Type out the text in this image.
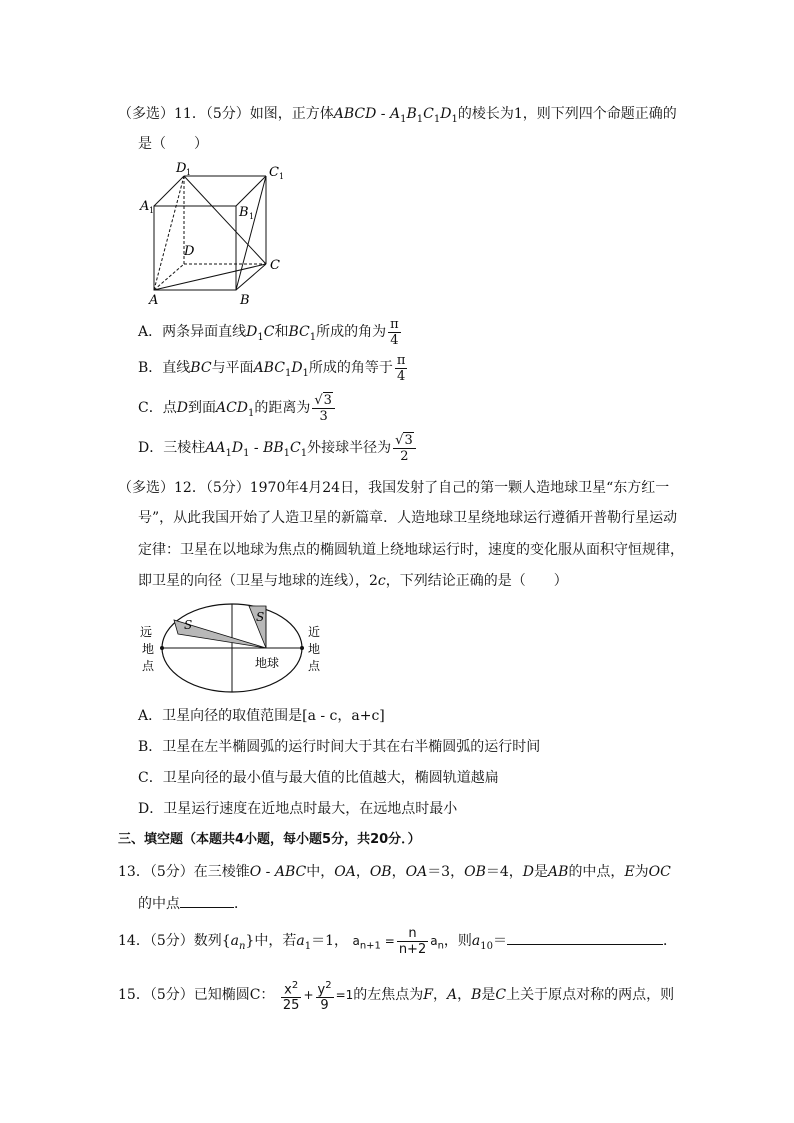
（多选）11．（5分）如图，正方体ABCD - $A_1B_1C_1D_1$的棱长为1，则下列四个命题正确的
是（　　）
D 1	C 1
A 1	B 1
D
C
A	B
A．两条异面直线$D_1C$和$BC_1$所成的角为 $\frac{\pi}{4}$
B．直线BC与平面$ABC_1D_1$所成的角等于 $\frac{\pi}{4}$
C．点D到面$ACD_1$的距离为 $\frac{√3}{3}$
D．三棱柱$AA_1D_1 - BB_1C_1$外接球半径为 $\frac{√3}{2}$
（多选）12．（5分）1970年4月24日，我国发射了自己的第一颗人造地球卫星“东方红一
号”，从此我国开始了人造卫星的新篇章．人造地球卫星绕地球运行遵循开普勒行星运动
定律：卫星在以地球为焦点的椭圆轨道上绕地球运行时，速度的变化服从面积守恒规律，
即卫星的向径（卫星与地球的连线），2c，下列结论正确的是（　　）
S
S
地球
远
地
点
近
地
点
A．卫星向径的取值范围是[a - c，a+c]
B．卫星在左半椭圆弧的运行时间大于其在右半椭圆弧的运行时间
C．卫星向径的最小值与最大值的比值越大，椭圆轨道越扁
D．卫星运行速度在近地点时最大，在远地点时最小
三、填空题（本题共4小题，每小题5分，共20分．）
13．（5分）在三棱锥O - ABC中，OA，OB，OA＝3，OB＝4，D是AB的中点，E为OC
的中点	．
14．（5分）数列$\{a_n\}$中，若$a_1=1$， $a_{n+1} = \frac{n}{n+2} a_n$，则$a_{10}=$	．
15．（5分）已知椭圆C： $\frac{x^2}{25} + \frac{y^2}{9} =1$的左焦点为F，A，B是C上关于原点对称的两点，则
